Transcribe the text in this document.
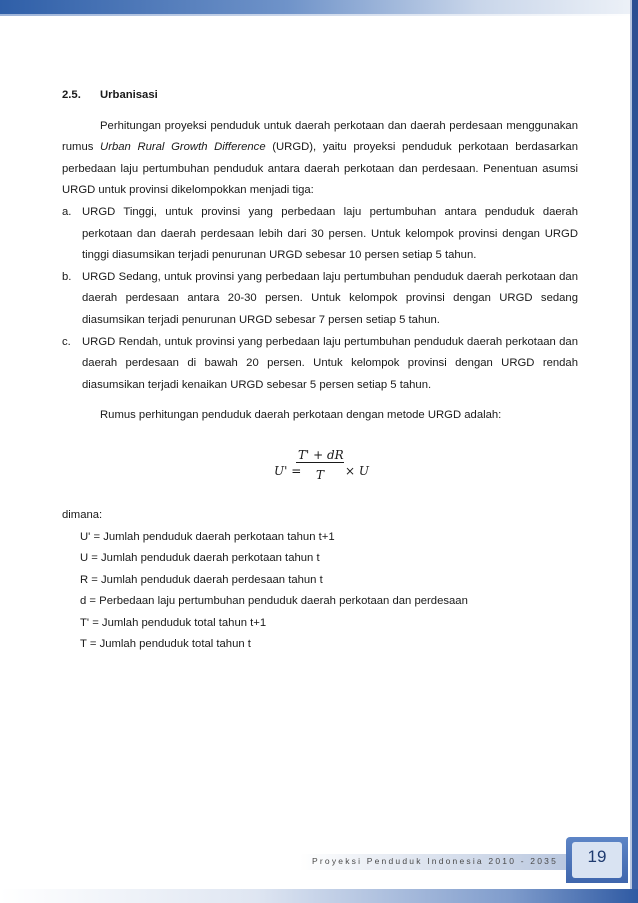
2.5.	Urbanisasi

Perhitungan proyeksi penduduk untuk daerah perkotaan dan daerah perdesaan menggunakan rumus Urban Rural Growth Difference (URGD), yaitu proyeksi penduduk perkotaan berdasarkan perbedaan laju pertumbuhan penduduk antara daerah perkotaan dan perdesaan. Penentuan asumsi URGD untuk provinsi dikelompokkan menjadi tiga:

a. URGD Tinggi, untuk provinsi yang perbedaan laju pertumbuhan antara penduduk daerah perkotaan dan daerah perdesaan lebih dari 30 persen. Untuk kelompok provinsi dengan URGD tinggi diasumsikan terjadi penurunan URGD sebesar 10 persen setiap 5 tahun.
b. URGD Sedang, untuk provinsi yang perbedaan laju pertumbuhan penduduk daerah perkotaan dan daerah perdesaan antara 20-30 persen. Untuk kelompok provinsi dengan URGD sedang diasumsikan terjadi penurunan URGD sebesar 7 persen setiap 5 tahun.
c. URGD Rendah, untuk provinsi yang perbedaan laju pertumbuhan penduduk daerah perkotaan dan daerah perdesaan di bawah 20 persen. Untuk kelompok provinsi dengan URGD rendah diasumsikan terjadi kenaikan URGD sebesar 5 persen setiap 5 tahun.

Rumus perhitungan penduduk daerah perkotaan dengan metode URGD adalah:

U' =
T' + dR
T × U

dimana:

U' = Jumlah penduduk daerah perkotaan tahun t+1
U = Jumlah penduduk daerah perkotaan tahun t
R = Jumlah penduduk daerah perdesaan tahun t
d = Perbedaan laju pertumbuhan penduduk daerah perkotaan dan perdesaan
T' = Jumlah penduduk total tahun t+1
T = Jumlah penduduk total tahun t
Proyeksi Penduduk Indonesia 2010 - 2035	19
